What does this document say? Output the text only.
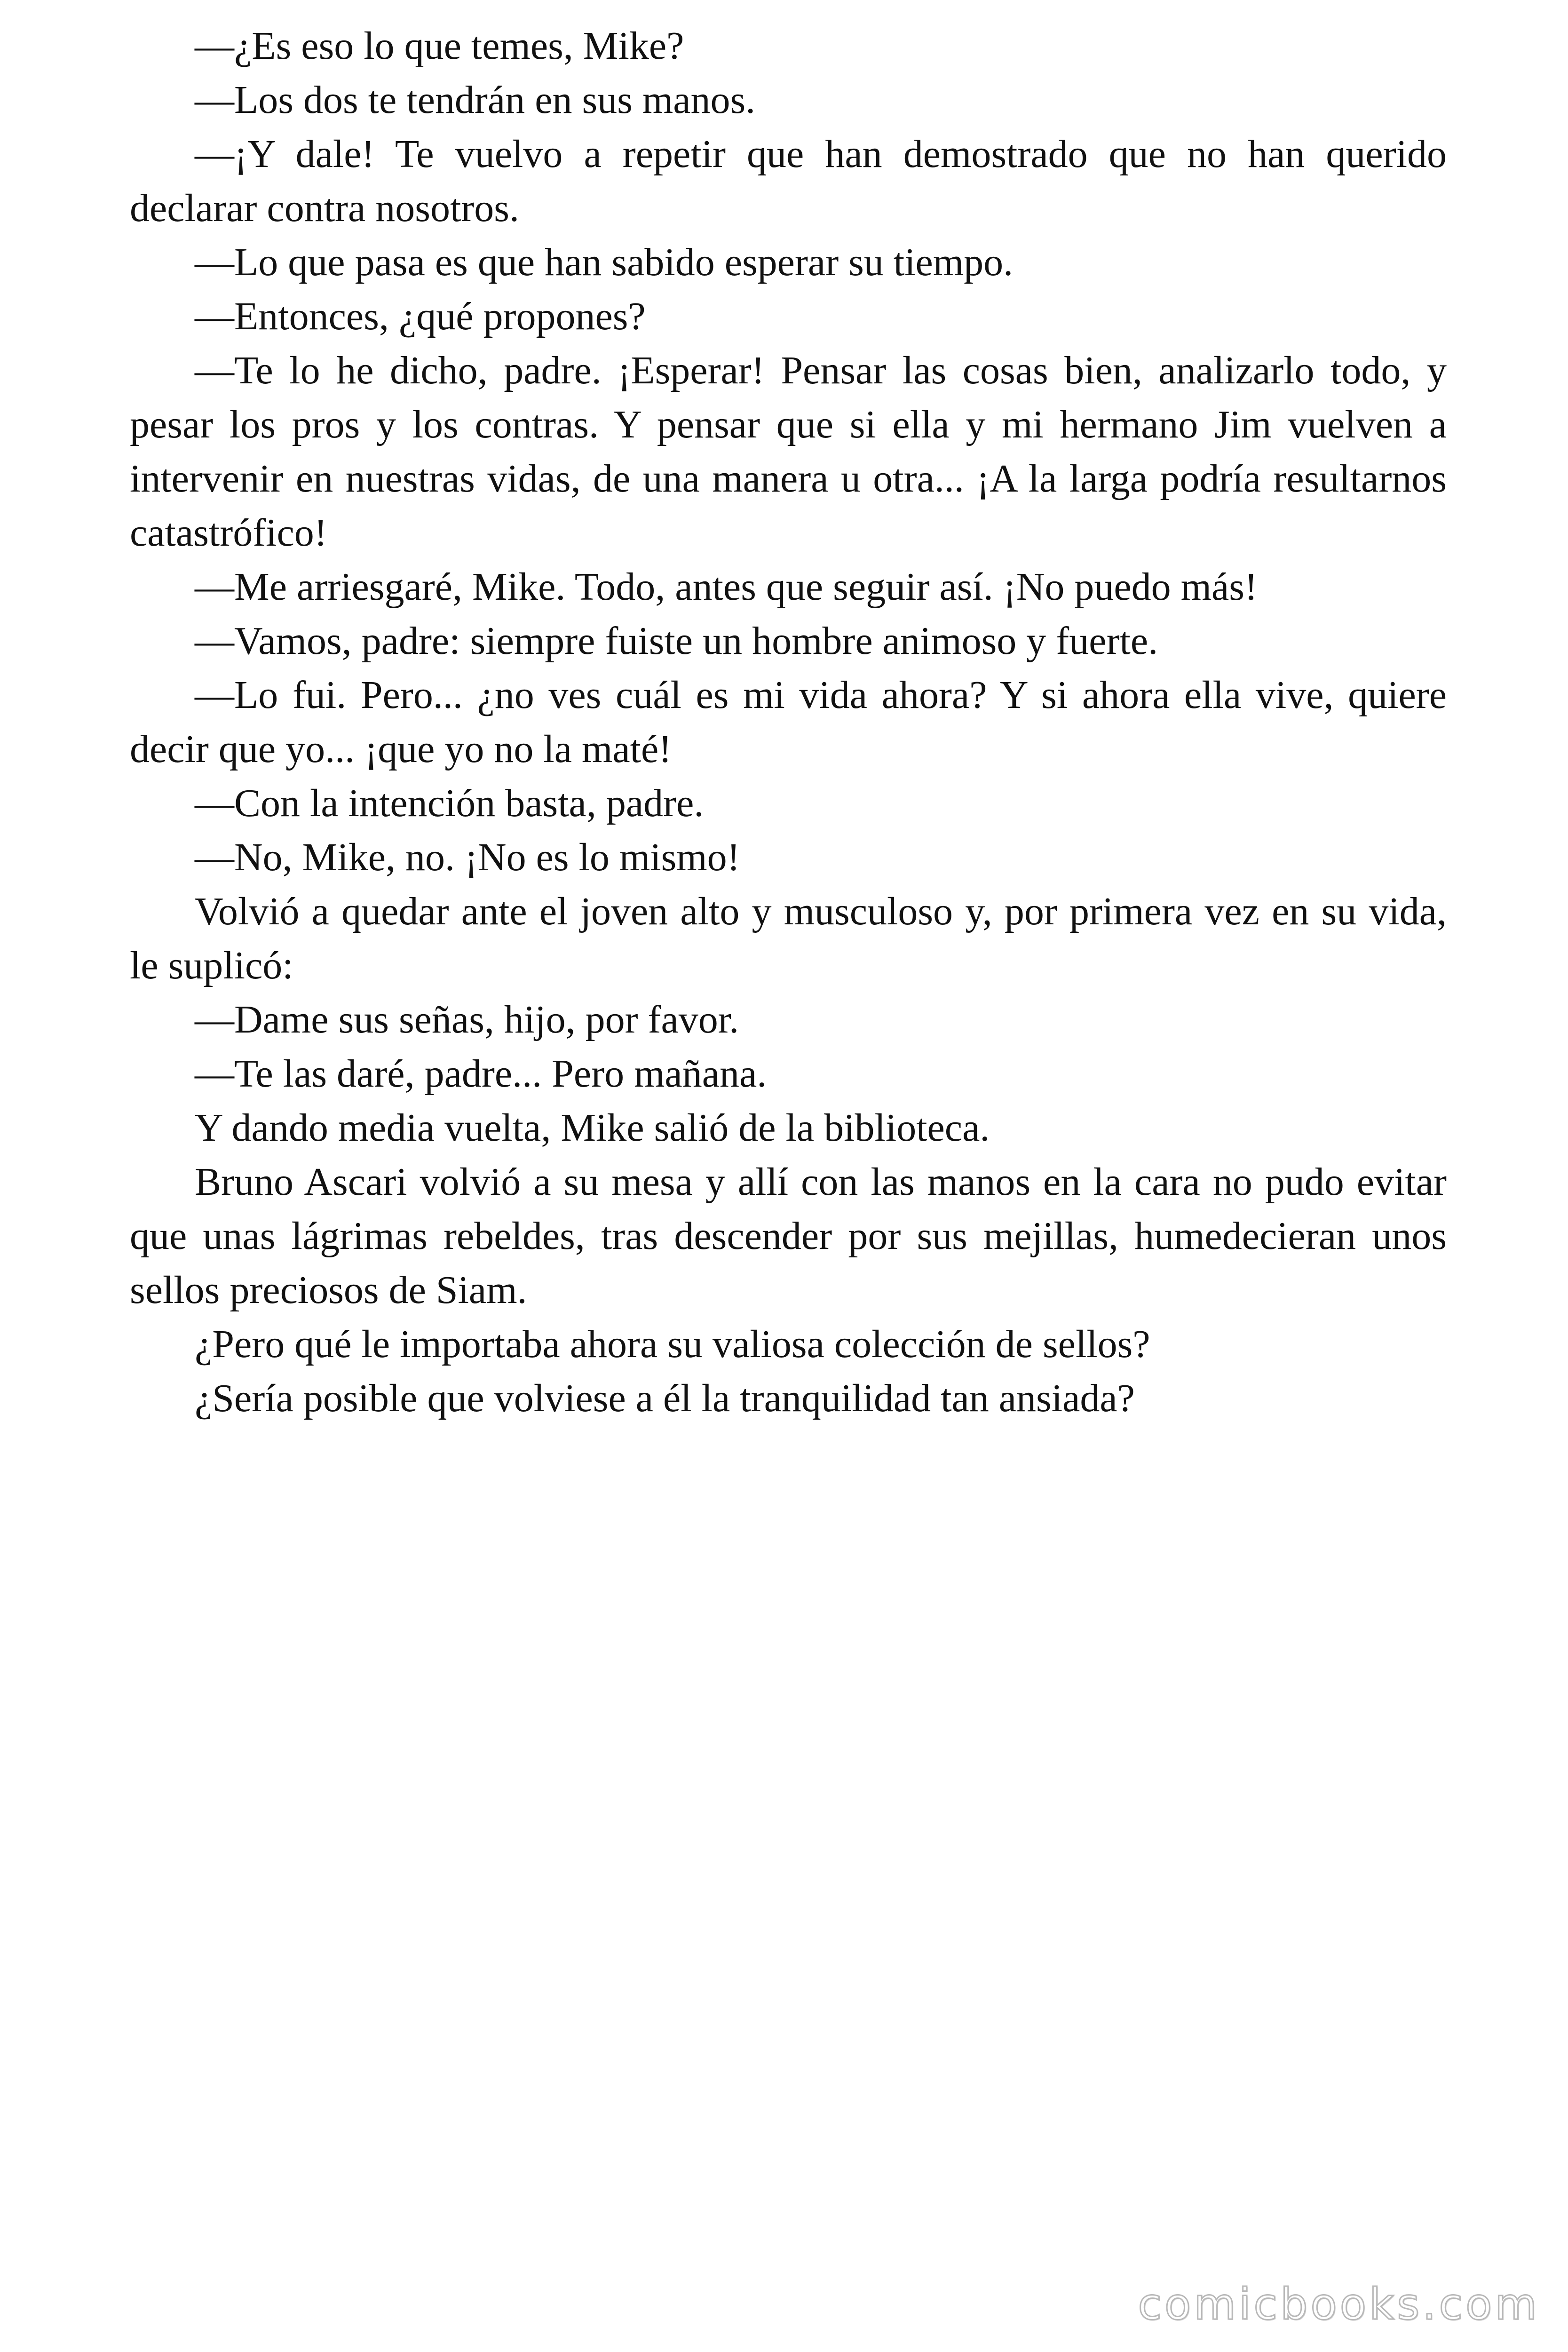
—¿Es eso lo que temes, Mike?

—Los dos te tendrán en sus manos.

—¡Y dale! Te vuelvo a repetir que han demostrado que no han querido declarar contra nosotros.

—Lo que pasa es que han sabido esperar su tiempo.

—Entonces, ¿qué propones?

—Te lo he dicho, padre. ¡Esperar! Pensar las cosas bien, analizarlo todo, y pesar los pros y los contras. Y pensar que si ella y mi hermano Jim vuelven a intervenir en nuestras vidas, de una manera u otra... ¡A la larga podría resultarnos catastrófico!

—Me arriesgaré, Mike. Todo, antes que seguir así. ¡No puedo más!

—Vamos, padre: siempre fuiste un hombre animoso y fuerte.

—Lo fui. Pero... ¿no ves cuál es mi vida ahora? Y si ahora ella vive, quiere decir que yo... ¡que yo no la maté!

—Con la intención basta, padre.

—No, Mike, no. ¡No es lo mismo!

Volvió a quedar ante el joven alto y musculoso y, por primera vez en su vida, le suplicó:

—Dame sus señas, hijo, por favor.

—Te las daré, padre... Pero mañana.

Y dando media vuelta, Mike salió de la biblioteca.

Bruno Ascari volvió a su mesa y allí con las manos en la cara no pudo evitar que unas lágrimas rebeldes, tras descender por sus mejillas, humedecieran unos sellos preciosos de Siam.

¿Pero qué le importaba ahora su valiosa colección de sellos?

¿Sería posible que volviese a él la tranquilidad tan ansiada?

comicbooks.com
